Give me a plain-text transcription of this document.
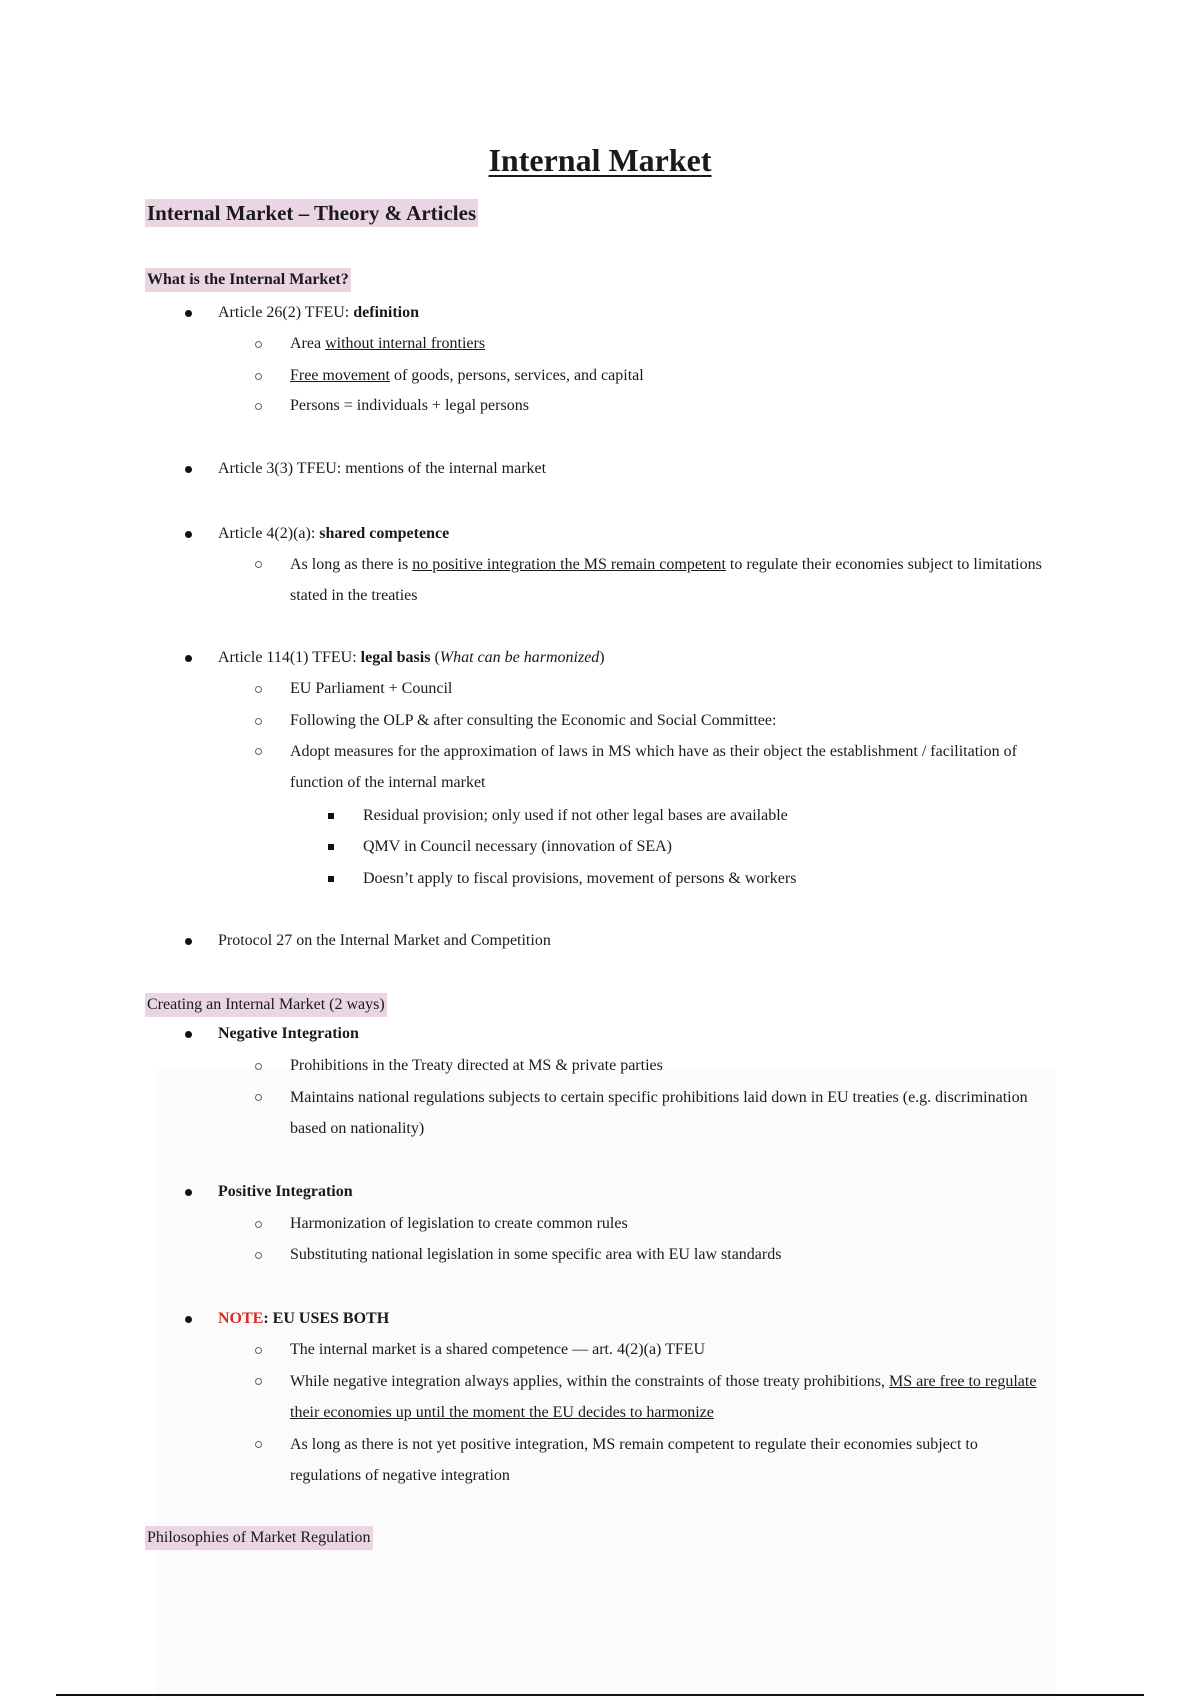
Internal Market
Internal Market – Theory & Articles
What is the Internal Market?
Article 26(2) TFEU: definition
Area without internal frontiers
Free movement of goods, persons, services, and capital
Persons = individuals + legal persons
Article 3(3) TFEU: mentions of the internal market
Article 4(2)(a): shared competence
As long as there is no positive integration the MS remain competent to regulate their economies subject to limitations stated in the treaties
Article 114(1) TFEU: legal basis (What can be harmonized)
EU Parliament + Council
Following the OLP & after consulting the Economic and Social Committee:
Adopt measures for the approximation of laws in MS which have as their object the establishment / facilitation of function of the internal market
Residual provision; only used if not other legal bases are available
QMV in Council necessary (innovation of SEA)
Doesn’t apply to fiscal provisions, movement of persons & workers
Protocol 27 on the Internal Market and Competition
Creating an Internal Market (2 ways)
Negative Integration
Prohibitions in the Treaty directed at MS & private parties
Maintains national regulations subjects to certain specific prohibitions laid down in EU treaties (e.g. discrimination based on nationality)
Positive Integration
Harmonization of legislation to create common rules
Substituting national legislation in some specific area with EU law standards
NOTE: EU USES BOTH
The internal market is a shared competence — art. 4(2)(a) TFEU
While negative integration always applies, within the constraints of those treaty prohibitions, MS are free to regulate their economies up until the moment the EU decides to harmonize
As long as there is not yet positive integration, MS remain competent to regulate their economies subject to regulations of negative integration
Philosophies of Market Regulation
